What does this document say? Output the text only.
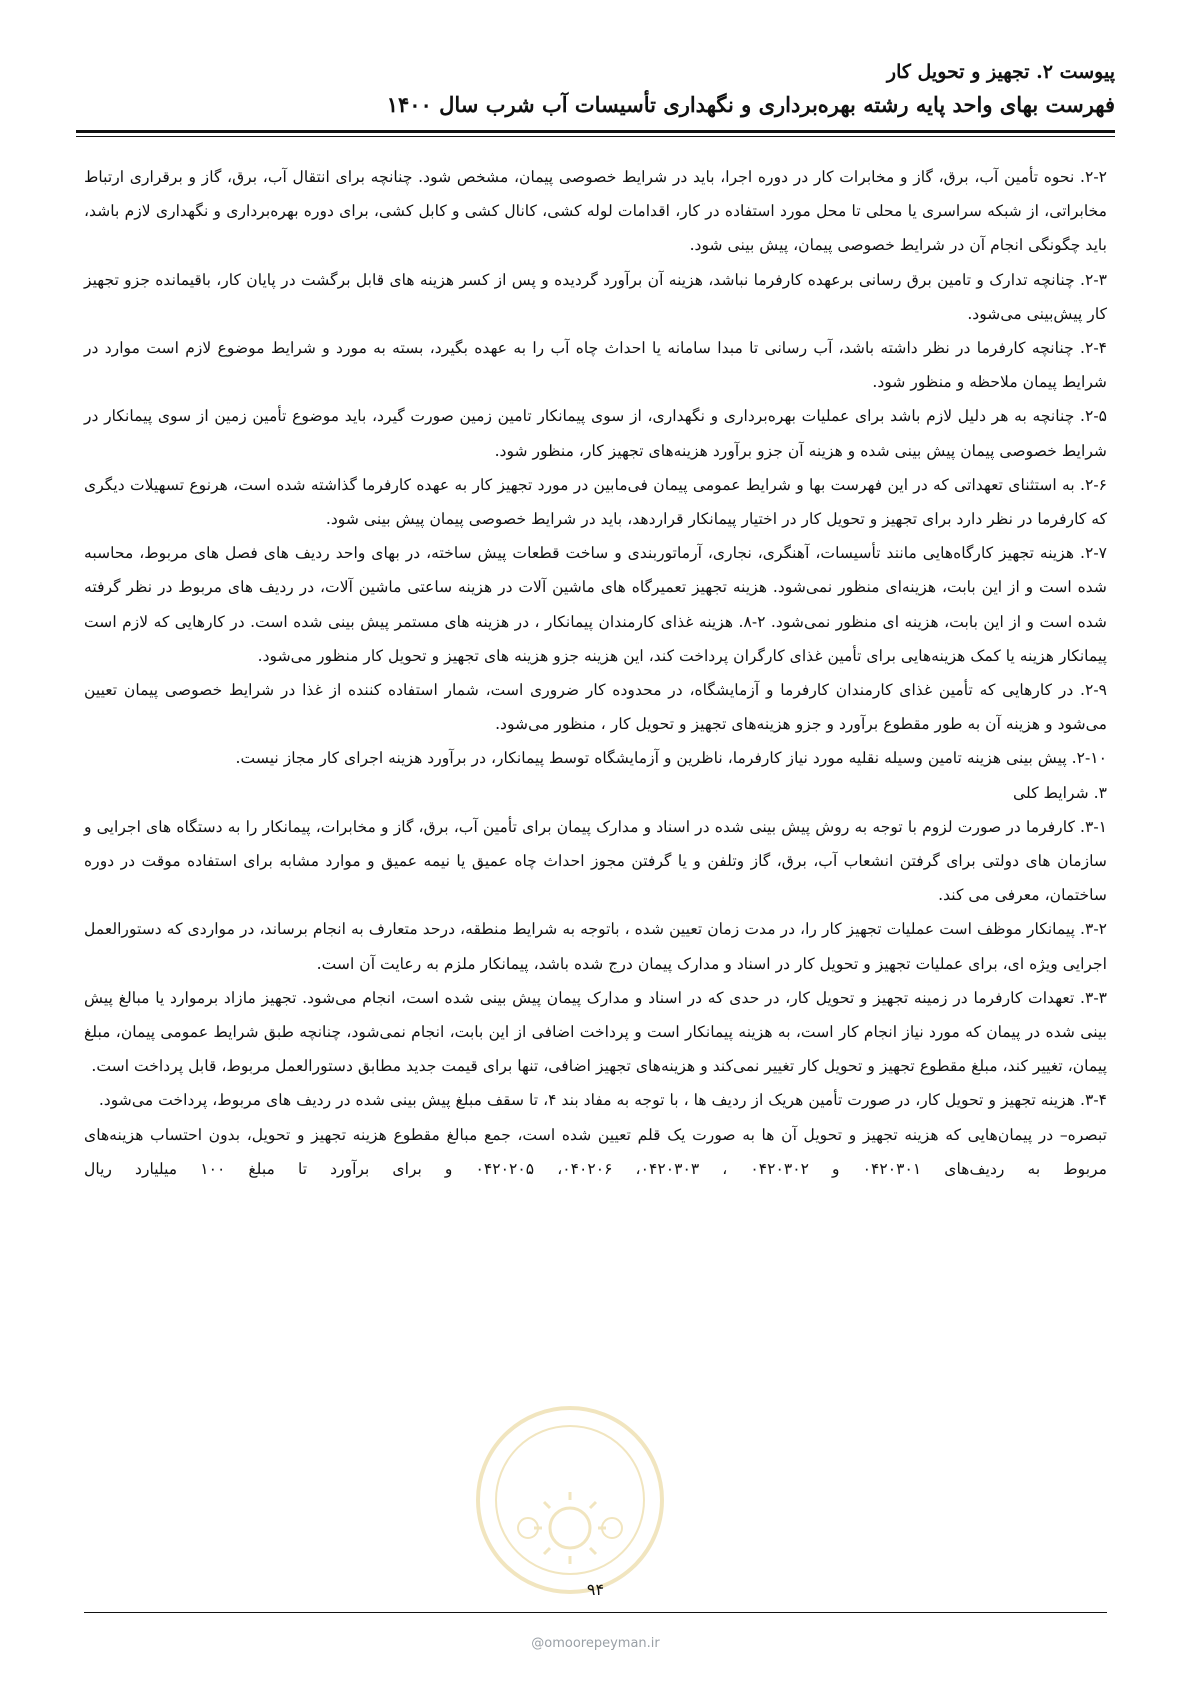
پیوست ۲. تجهیز و تحویل کار
فهرست بهای واحد پایه رشته بهره‌برداری و نگهداری تأسیسات آب شرب سال ۱۴۰۰

۲-۲. نحوه تأمین آب، برق، گاز و مخابرات کار در دوره اجرا، باید در شرایط خصوصی پیمان، مشخص شود. چنانچه برای انتقال آب، برق، گاز و برقراری ارتباط مخابراتی، از شبکه سراسری یا محلی تا محل مورد استفاده در کار، اقدامات لوله کشی، کانال کشی و کابل کشی، برای دوره بهره‌برداری و نگهداری لازم باشد، باید چگونگی انجام آن در شرایط خصوصی پیمان، پیش بینی شود.

۲-۳. چنانچه تدارک و تامین برق رسانی برعهده کارفرما نباشد، هزینه آن برآورد گردیده و پس از کسر هزینه های قابل برگشت در پایان کار، باقیمانده جزو تجهیز کار پیش‌بینی می‌شود.

۲-۴. چنانچه کارفرما در نظر داشته باشد، آب رسانی تا مبدا سامانه یا احداث چاه آب را به عهده بگیرد، بسته به مورد و شرایط موضوع لازم است موارد در شرایط پیمان ملاحظه و منظور شود.

۲-۵. چنانچه به هر دلیل لازم باشد برای عملیات بهره‌برداری و نگهداری، از سوی پیمانکار تامین زمین صورت گیرد، باید موضوع تأمین زمین از سوی پیمانکار در شرایط خصوصی پیمان پیش بینی شده و هزینه آن جزو برآورد هزینه‌های تجهیز کار، منظور شود.

۲-۶. به استثنای تعهداتی که در این فهرست بها و شرایط عمومی پیمان فی‌مابین در مورد تجهیز کار به عهده کارفرما گذاشته شده است، هرنوع تسهیلات دیگری که کارفرما در نظر دارد برای تجهیز و تحویل کار در اختیار پیمانکار قراردهد، باید در شرایط خصوصی پیمان پیش بینی شود.

۲-۷. هزینه تجهیز کارگاه‌هایی مانند تأسیسات، آهنگری، نجاری، آرماتوربندی و ساخت قطعات پیش ساخته، در بهای واحد ردیف های فصل های مربوط، محاسبه شده است و از این بابت، هزینه‌ای منظور نمی‌شود. هزینه تجهیز تعمیرگاه های ماشین آلات در هزینه ساعتی ماشین آلات، در ردیف های مربوط در نظر گرفته شده است و از این بابت، هزینه ای منظور نمی‌شود. ۲-۸. هزینه غذای کارمندان پیمانکار ، در هزینه های مستمر پیش بینی شده است. در کارهایی که لازم است پیمانکار هزینه یا کمک هزینه‌هایی برای تأمین غذای کارگران پرداخت کند، این هزینه جزو هزینه های تجهیز و تحویل کار منظور می‌شود.

۲-۹. در کارهایی که تأمین غذای کارمندان کارفرما و آزمایشگاه، در محدوده کار ضروری است، شمار استفاده کننده از غذا در شرایط خصوصی پیمان تعیین می‌شود و هزینه آن به طور مقطوع برآورد و جزو هزینه‌های تجهیز و تحویل کار ، منظور می‌شود.

۲-۱۰. پیش بینی هزینه تامین وسیله نقلیه مورد نیاز کارفرما، ناظرین و آزمایشگاه توسط پیمانکار، در برآورد هزینه اجرای کار مجاز نیست.

۳. شرایط کلی

۳-۱. کارفرما در صورت لزوم با توجه به روش پیش بینی شده در اسناد و مدارک پیمان برای تأمین آب، برق، گاز و مخابرات، پیمانکار را به دستگاه های اجرایی و سازمان های دولتی برای گرفتن انشعاب آب، برق، گاز وتلفن و یا گرفتن مجوز احداث چاه عمیق یا نیمه عمیق و موارد مشابه برای استفاده موقت در دوره ساختمان، معرفی می کند.

۳-۲. پیمانکار موظف است عملیات تجهیز کار را، در مدت زمان تعیین شده ، باتوجه به شرایط منطقه، درحد متعارف به انجام برساند، در مواردی که دستورالعمل اجرایی ویژه ای، برای عملیات تجهیز و تحویل کار در اسناد و مدارک پیمان درج شده باشد، پیمانکار ملزم به رعایت آن است.

۳-۳. تعهدات کارفرما در زمینه تجهیز و تحویل کار، در حدی که در اسناد و مدارک پیمان پیش بینی شده است، انجام می‌شود. تجهیز مازاد برموارد یا مبالغ پیش بینی شده در پیمان که مورد نیاز انجام کار است، به هزینه پیمانکار است و پرداخت اضافی از این بابت، انجام نمی‌شود، چنانچه طبق شرایط عمومی پیمان، مبلغ پیمان، تغییر کند، مبلغ مقطوع تجهیز و تحویل کار تغییر نمی‌کند و هزینه‌های تجهیز اضافی، تنها برای قیمت جدید مطابق دستورالعمل مربوط، قابل پرداخت است.

۳-۴. هزینه تجهیز و تحویل کار، در صورت تأمین هریک از ردیف ها ، با توجه به مفاد بند ۴، تا سقف مبلغ پیش بینی شده در ردیف های مربوط، پرداخت می‌شود.

تبصره– در پیمان‌هایی که هزینه تجهیز و تحویل آن ها به صورت یک قلم تعیین شده است، جمع مبالغ مقطوع هزینه تجهیز و تحویل، بدون احتساب هزینه‌های مربوط به ردیف‌های ۰۴۲۰۳۰۱ و ۰۴۲۰۳۰۲ ، ۰۴۲۰۳۰۳، ۰۴۰۲۰۶، ۰۴۲۰۲۰۵ و برای برآورد تا مبلغ ۱۰۰ میلیارد ریال

۹۴
@omoorepeyman.ir
